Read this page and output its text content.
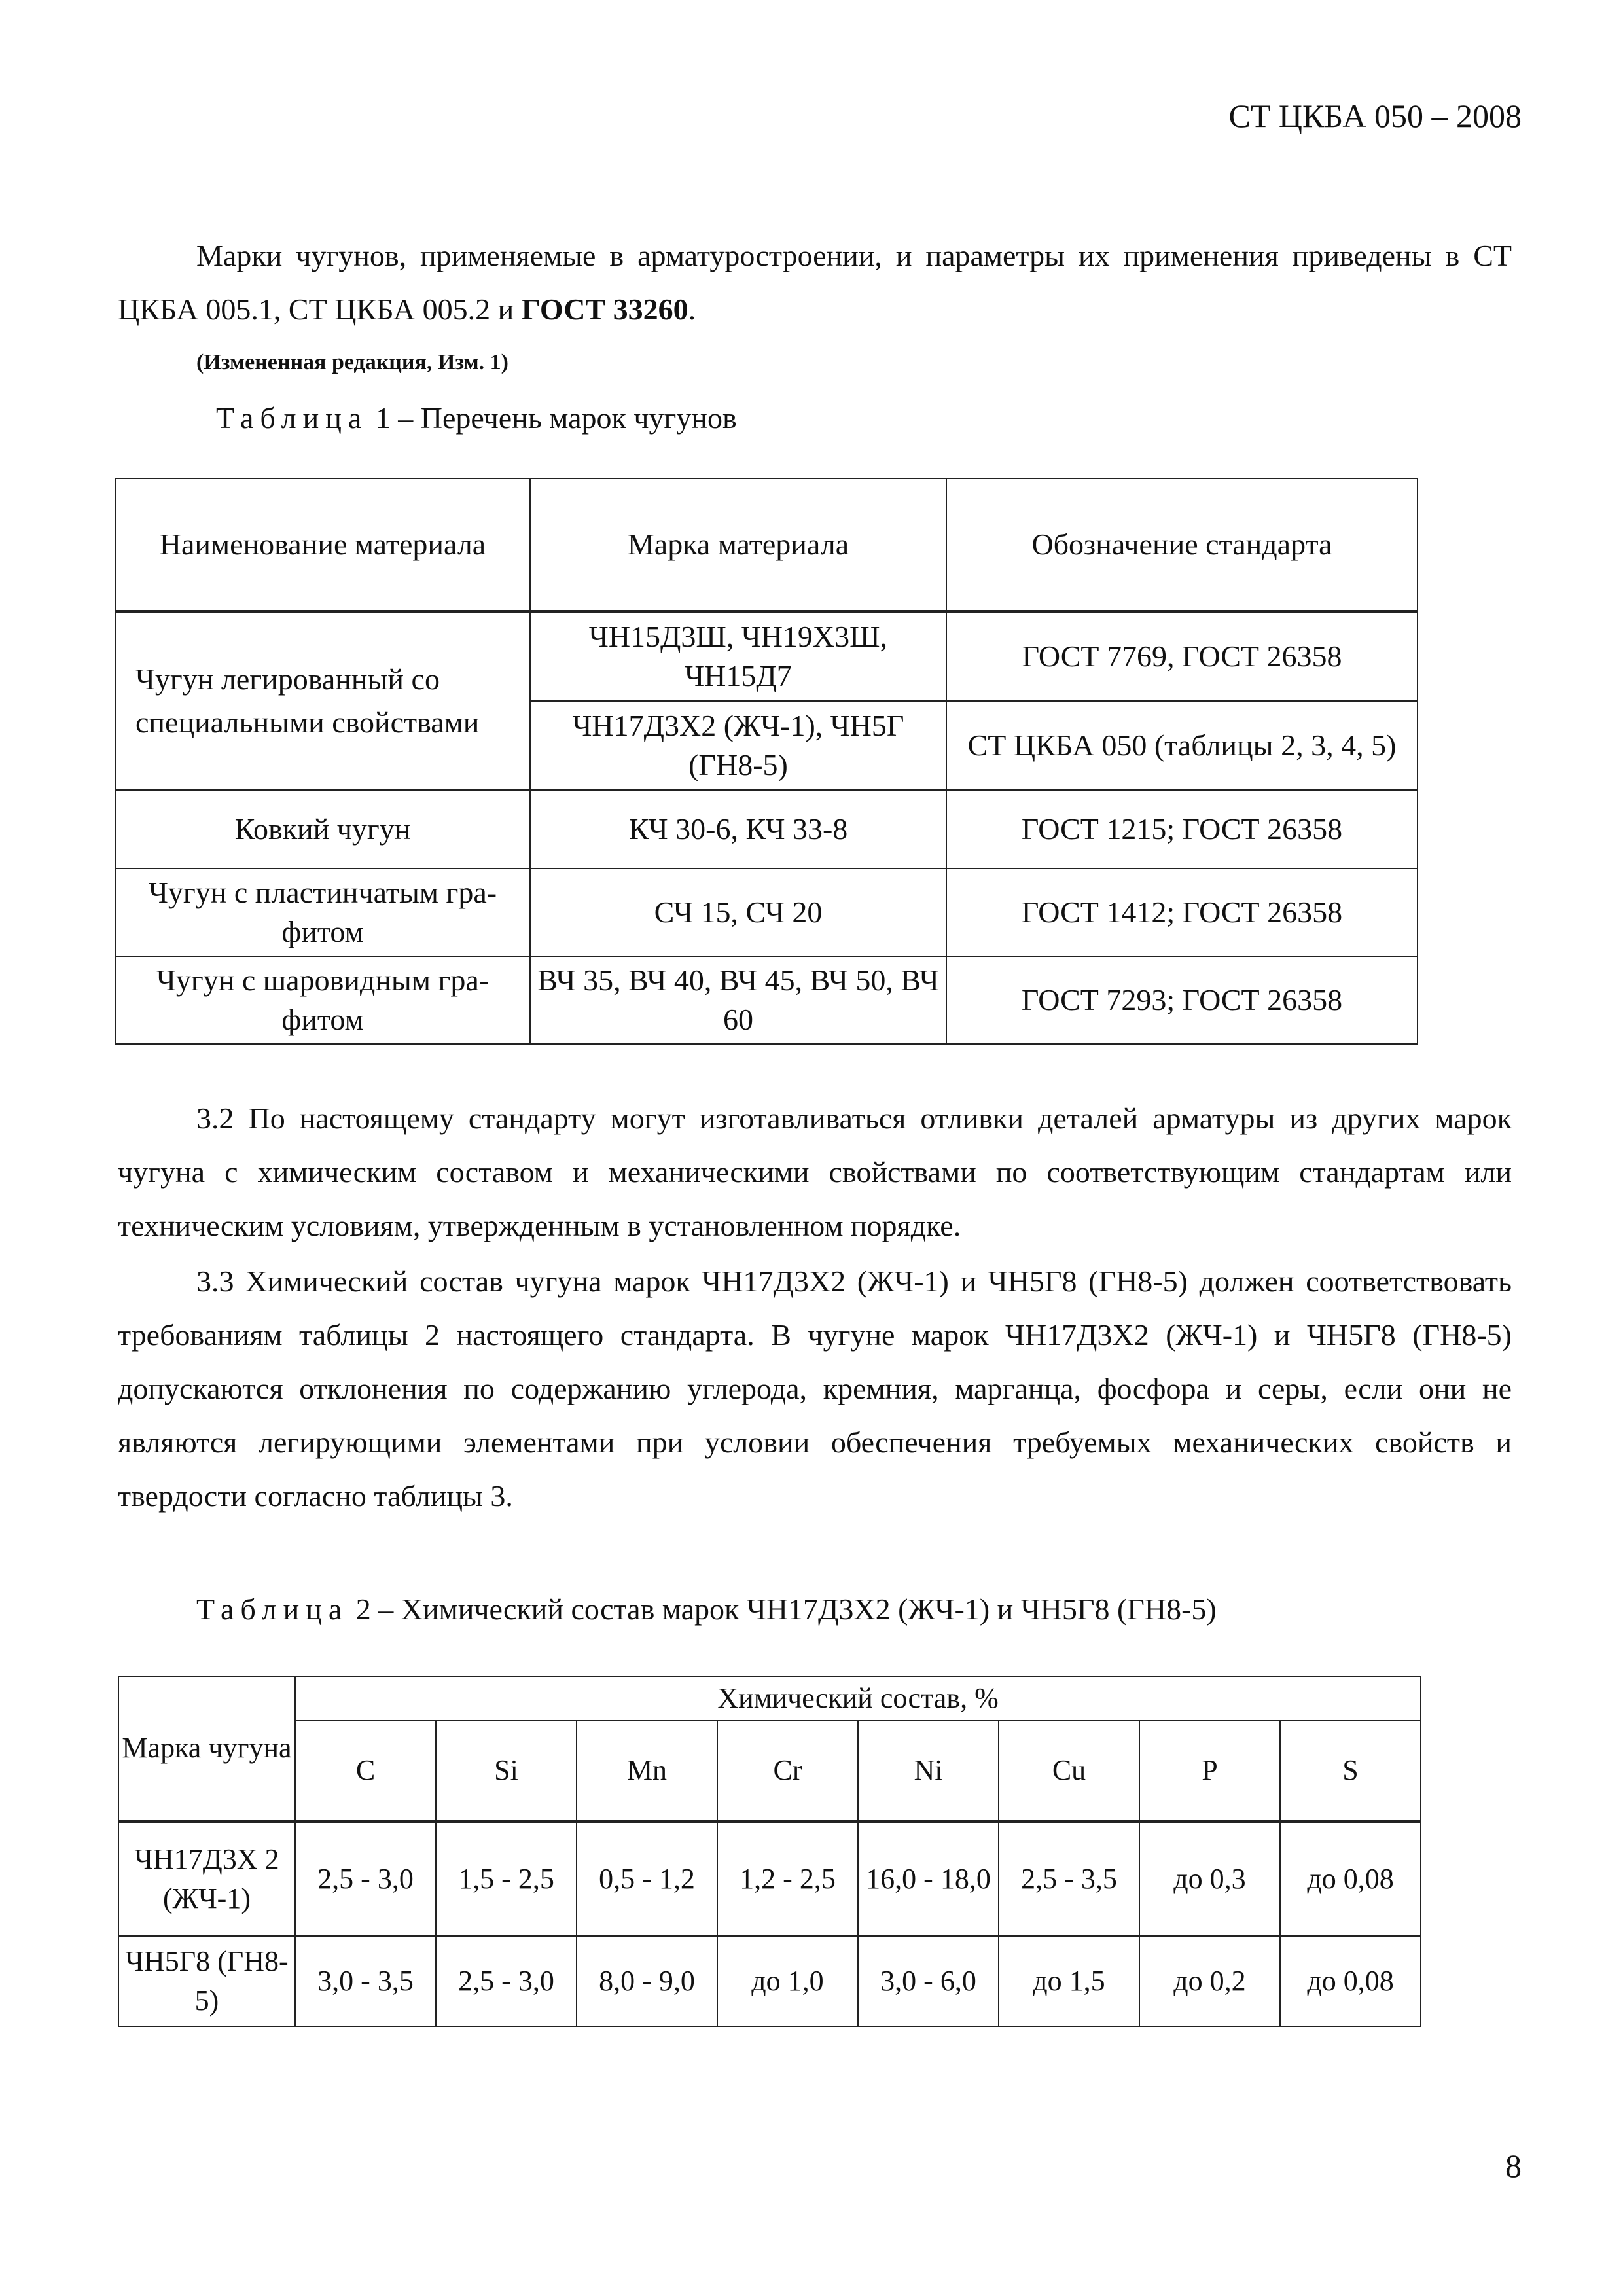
СТ ЦКБА 050 – 2008

Марки чугунов, применяемые в арматуростроении, и параметры их применения приведены в СТ ЦКБА 005.1, СТ ЦКБА 005.2 и ГОСТ 33260.

(Измененная редакция, Изм. 1)
Таблица 1 – Перечень марок чугунов
Наименование материала	Марка материала	Обозначение стандарта
Чугун легированный со специальными свойствами	ЧН15Д3Ш, ЧН19Х3Ш, ЧН15Д7	ГОСТ 7769, ГОСТ 26358
	ЧН17Д3Х2 (ЖЧ-1), ЧН5Г (ГН8-5)	СТ ЦКБА 050 (таблицы 2, 3, 4, 5)
Ковкий чугун	КЧ 30-6, КЧ 33-8	ГОСТ 1215; ГОСТ 26358
Чугун с пластинчатым гра-фитом	СЧ 15, СЧ 20	ГОСТ 1412; ГОСТ 26358
Чугун с шаровидным гра-фитом	ВЧ 35, ВЧ 40, ВЧ 45, ВЧ 50, ВЧ 60	ГОСТ 7293; ГОСТ 26358

3.2 По настоящему стандарту могут изготавливаться отливки деталей арматуры из других марок чугуна с химическим составом и механическими свойствами по соответствующим стандартам или техническим условиям, утвержденным в установленном порядке.

3.3 Химический состав чугуна марок ЧН17Д3Х2 (ЖЧ-1) и ЧН5Г8 (ГН8-5) должен соответствовать требованиям таблицы 2 настоящего стандарта. В чугуне марок ЧН17Д3Х2 (ЖЧ-1) и ЧН5Г8 (ГН8-5) допускаются отклонения по содержанию углерода, кремния, марганца, фосфора и серы, если они не являются легирующими элементами при условии обеспечения требуемых механических свойств и твердости согласно таблицы 3.

Таблица 2 – Химический состав марок ЧН17Д3Х2 (ЖЧ-1) и ЧН5Г8 (ГН8-5)
Марка чугуна	Химический состав, %							
	C	Si	Mn	Cr	Ni	Cu	P	S
ЧН17Д3Х 2 (ЖЧ-1)	2,5 - 3,0	1,5 - 2,5	0,5 - 1,2	1,2 - 2,5	16,0 - 18,0	2,5 - 3,5	до 0,3	до 0,08
ЧН5Г8 (ГН8-5)	3,0 - 3,5	2,5 - 3,0	8,0 - 9,0	до 1,0	3,0 - 6,0	до 1,5	до 0,2	до 0,08
8
